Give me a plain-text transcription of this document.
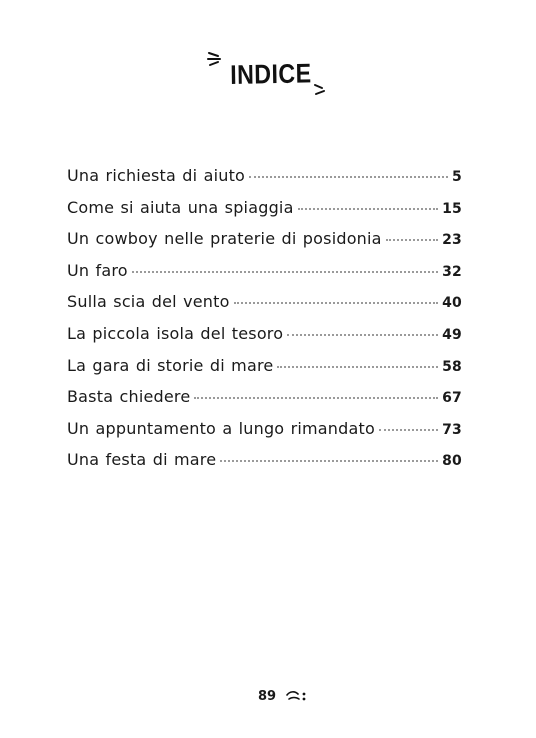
INDICE
Una richiesta di aiuto	5
Come si aiuta una spiaggia	15
Un cowboy nelle praterie di posidonia	23
Un faro	32
Sulla scia del vento	40
La piccola isola del tesoro	49
La gara di storie di mare	58
Basta chiedere	67
Un appuntamento a lungo rimandato	73
Una festa di mare	80
89
